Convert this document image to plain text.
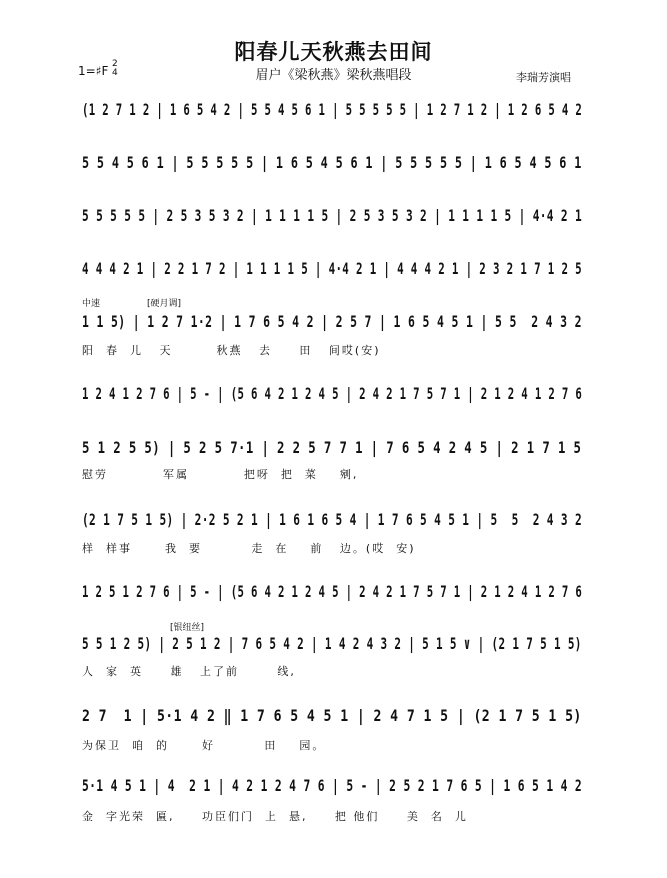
阳春儿天秋燕去田间
眉户《梁秋燕》梁秋燕唱段
1=♯F 2
4	李瑞芳演唱
(1 2 7 1 2 | 1 6 5 4 2 | 5 5 4 5 6 1 | 5 5 5 5 5 | 1 2 7 1 2 | 1 2 6 5 4 2
5 5 4 5 6 1 | 5 5 5 5 5 | 1 6 5 4 5 6 1 | 5 5 5 5 5 | 1 6 5 4 5 6 1
5 5 5 5 5 | 2 5 3 5 3 2 | 1 1 1 1 5 | 2 5 3 5 3 2 | 1 1 1 1 5 | 4·4 2 1
4 4 4 2 1 | 2 2 1 7 2 | 1 1 1 1 5 | 4·4 2 1 | 4 4 4 2 1 | 2 3 2 1 7 1 2 5
中速	[硬月调]
1 1 5) | 1 2 7 1·2 | 1 7 6 5 4 2 | 2 5 7 | 1 6 5 4 5 1 | 5 5  2 4 3 2
阳  春  儿   天        秋燕   去     田   间哎(安)
1 2 4 1 2 7 6 | 5 - | (5 6 4 2 1 2 4 5 | 2 4 2 1 7 5 7 1 | 2 1 2 4 1 2 7 6
5 1 2 5 5) | 5 2 5 7·1 | 2 2 5 7 7 1 | 7 6 5 4 2 4 5 | 2 1 7 1 5
慰劳          军属          把呀  把  菜    剜,
(2 1 7 5 1 5) | 2·2 5 2 1 | 1 6 1 6 5 4 | 1 7 6 5 4 5 1 | 5  5  2 4 3 2
样  样事      我  要         走  在    前   边。(哎  安)
1 2 5 1 2 7 6 | 5 - | (5 6 4 2 1 2 4 5 | 2 4 2 1 7 5 7 1 | 2 1 2 4 1 2 7 6
[银纽丝]
5 5 1 2 5) | 2 5 1 2 | 7 6 5 4 2 | 1 4 2 4 3 2 | 5 1 5 ∨ | (2 1 7 5 1 5)
人  家  英     雄   上了前       线,
2 7  1 | 5·1 4 2 ‖ 1 7 6 5 4 5 1 | 2 4 7 1 5 | (2 1 7 5 1 5)
为保卫  咱  的      好         田    园。
5·1 4 5 1 | 4  2 1 | 4 2 1 2 4 7 6 | 5 - | 2 5 2 1 7 6 5 | 1 6 5 1 4 2
金  字光荣  匾,     功臣们门  上  悬,     把 他们     美  名  儿
